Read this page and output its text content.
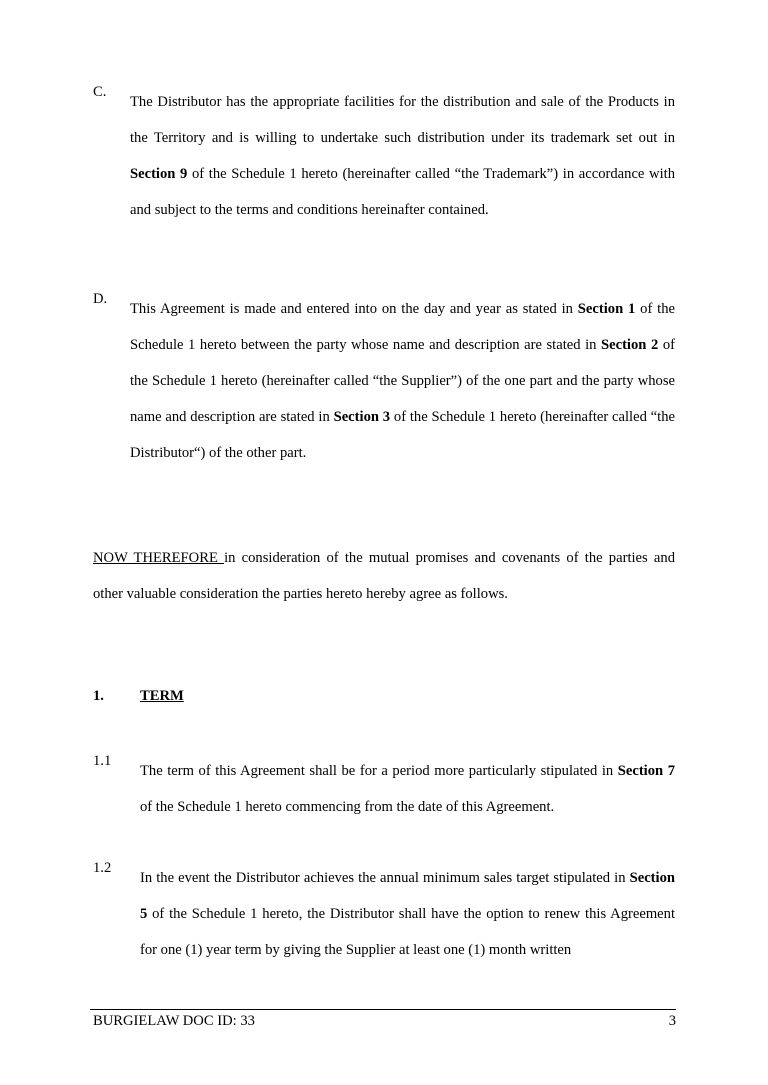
C.
The Distributor has the appropriate facilities for the distribution and sale of the Products in the Territory and is willing to undertake such distribution under its trademark set out in Section 9 of the Schedule 1 hereto (hereinafter called “the Trademark”) in accordance with and subject to the terms and conditions hereinafter contained.
D.
This Agreement is made and entered into on the day and year as stated in Section 1 of the Schedule 1 hereto between the party whose name and description are stated in Section 2 of the Schedule 1 hereto (hereinafter called “the Supplier”) of the one part and the party whose name and description are stated in Section 3 of the Schedule 1 hereto (hereinafter called “the Distributor“) of the other part.
NOW THEREFORE in consideration of the mutual promises and covenants of the parties and other valuable consideration the parties hereto hereby agree as follows.
1. TERM
1.1
The term of this Agreement shall be for a period more particularly stipulated in Section 7 of the Schedule 1 hereto commencing from the date of this Agreement.
1.2
In the event the Distributor achieves the annual minimum sales target stipulated in Section 5 of the Schedule 1 hereto, the Distributor shall have the option to renew this Agreement for one (1) year term by giving the Supplier at least one (1) month written
BURGIELAW DOC ID: 33	3
